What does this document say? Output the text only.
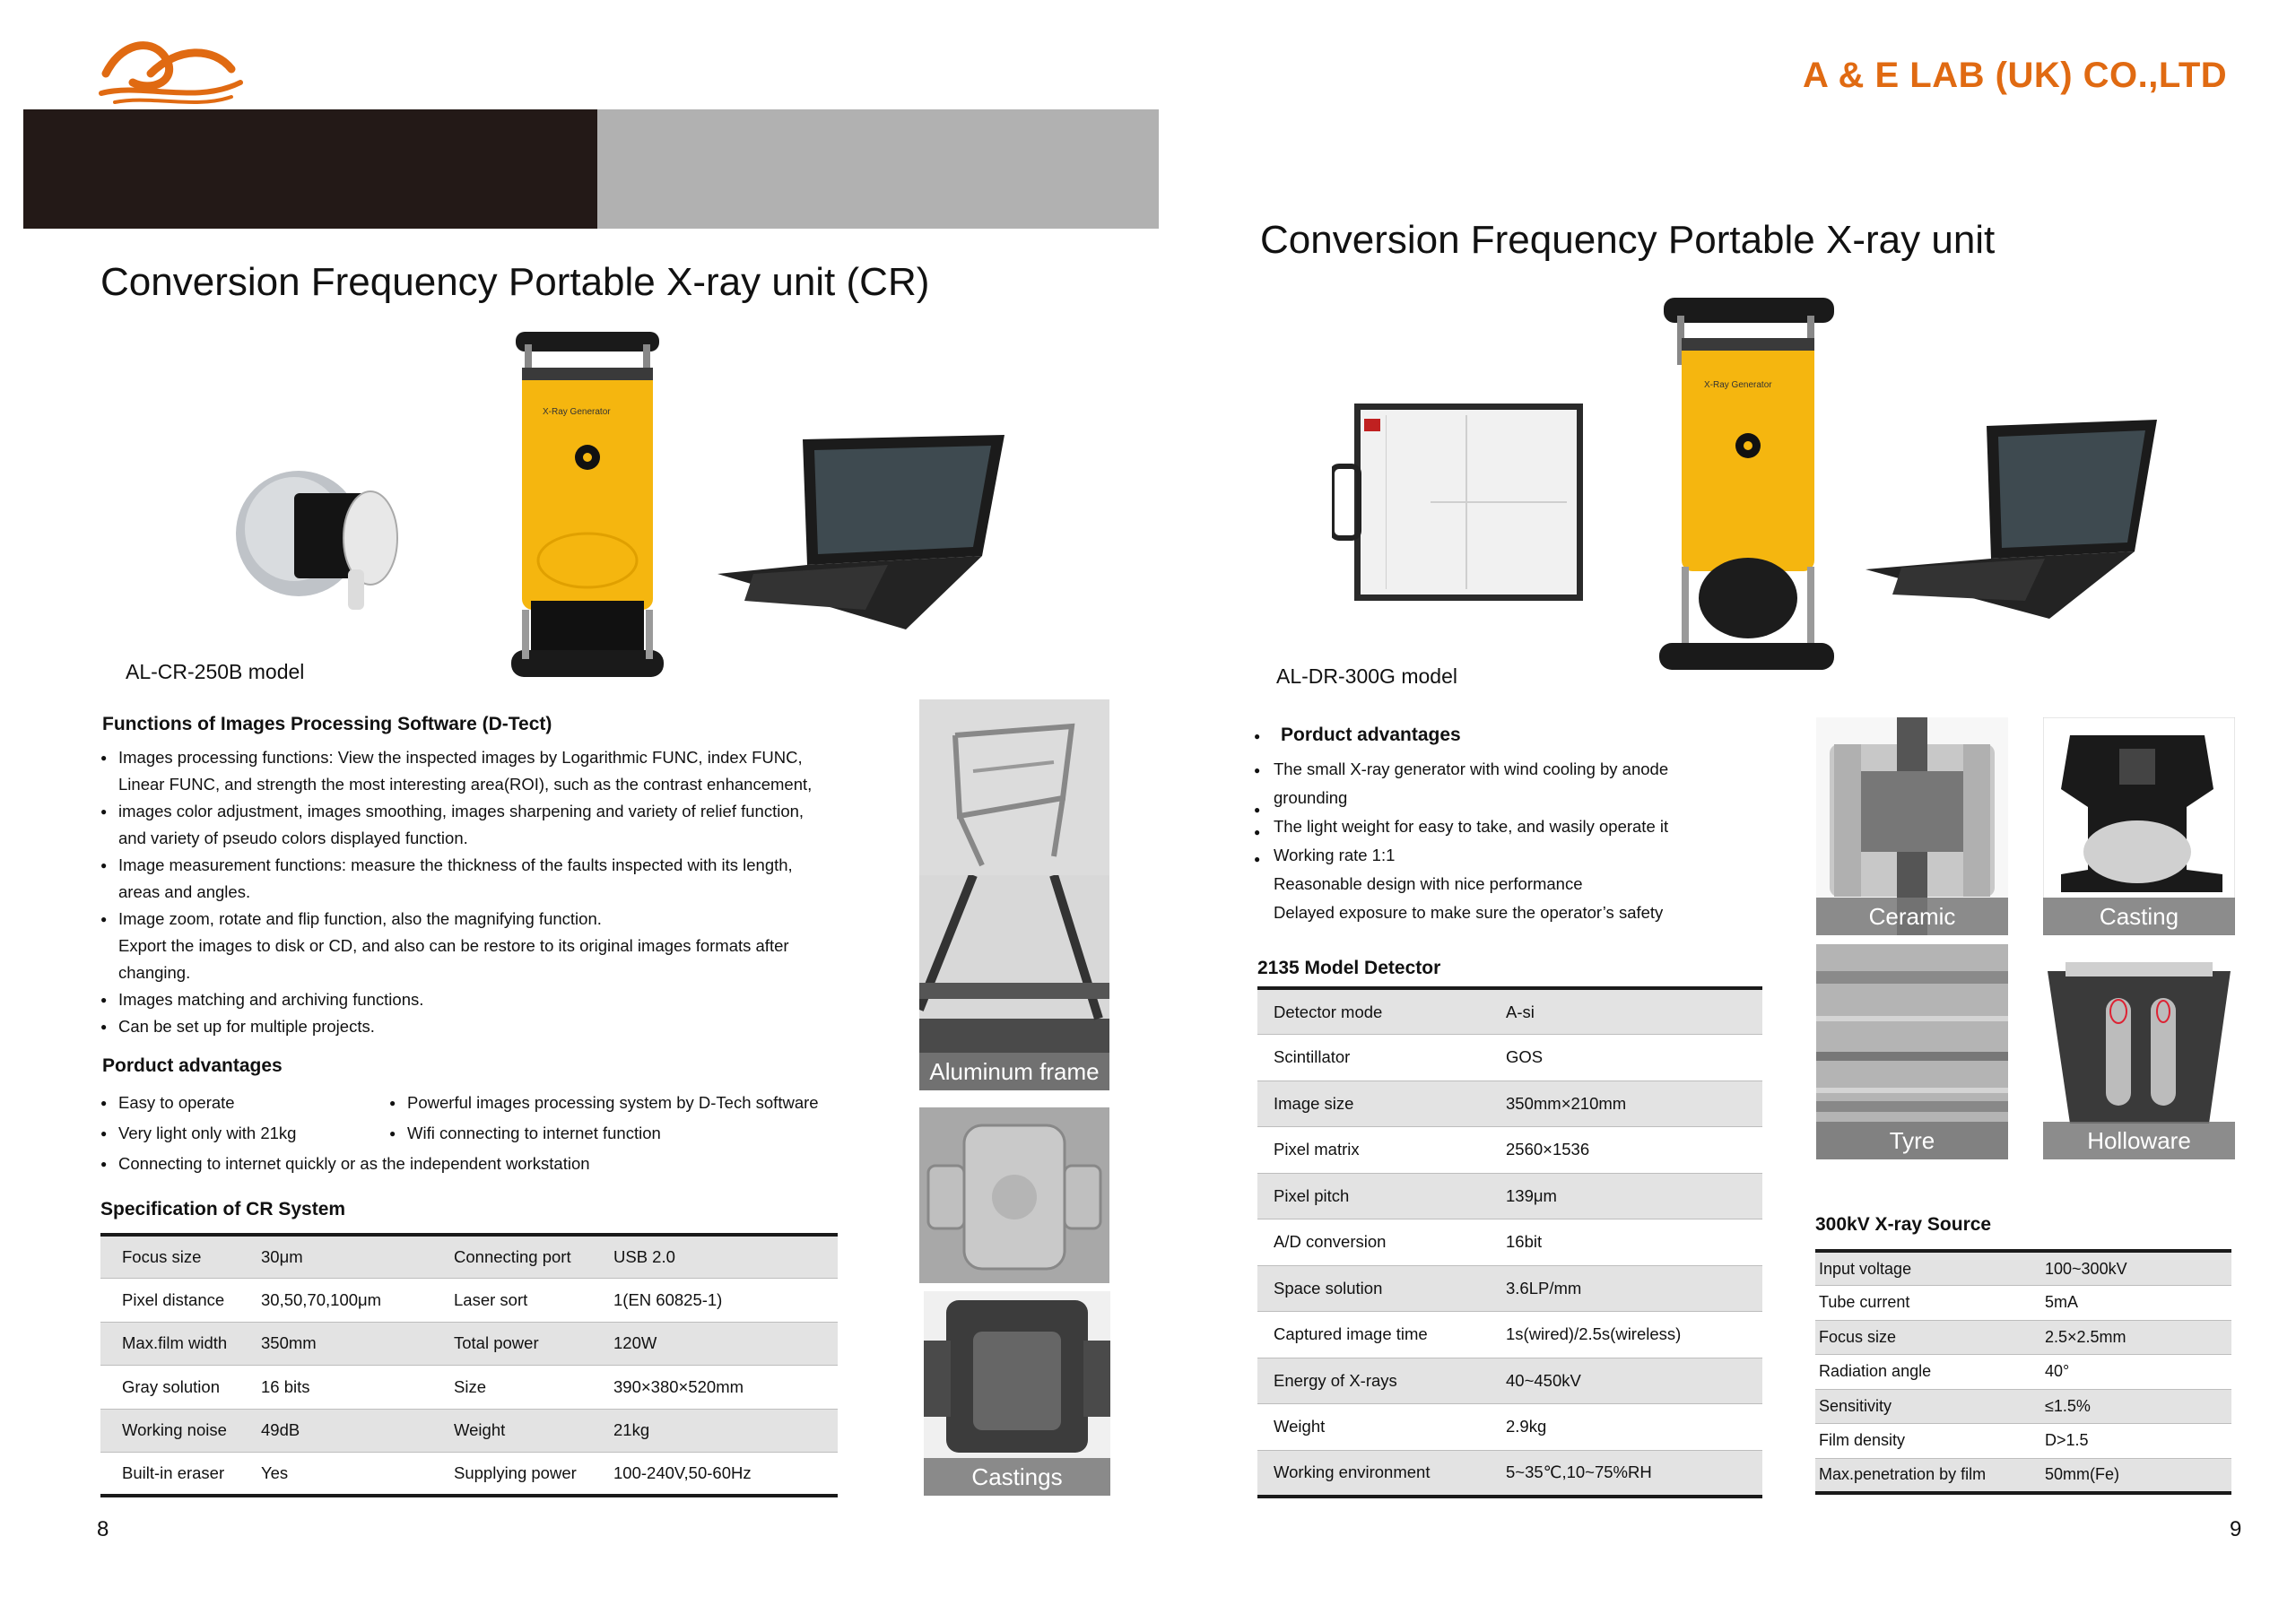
A & E LAB (UK) CO.,LTD
Conversion Frequency Portable X-ray unit (CR)
X-Ray Generator
AL-CR-250B model
Functions of Images Processing Software (D-Tect)
● Images processing functions: View the inspected images by Logarithmic FUNC, index FUNC,
Linear FUNC, and strength the most interesting area(ROI), such as the contrast enhancement,
● images color adjustment, images smoothing, images sharpening and variety of relief function,
and variety of pseudo colors displayed function.
● Image measurement functions: measure the thickness of the faults inspected with its length,
areas and angles.
● Image zoom, rotate and flip function, also the magnifying function.
Export the images to disk or CD, and also can be restore to its original images formats after
changing.
● Images matching and archiving functions.
● Can be set up for multiple projects.
Porduct advantages
● Easy to operate	● Powerful images processing system by D-Tech software
● Very light only with 21kg	● Wifi connecting to internet function
● Connecting to internet quickly or as the independent workstation
Specification of CR System
Focus size	30μm	Connecting port	USB 2.0
Pixel distance	30,50,70,100μm	Laser sort	1(EN 60825-1)
Max.film width	350mm	Total power	120W
Gray solution	16 bits	Size	390×380×520mm
Working noise	49dB	Weight	21kg
Built-in eraser	Yes	Supplying power	100-240V,50-60Hz
8
Aluminum frame
Castings
Conversion Frequency Portable X-ray unit
X-Ray Generator
AL-DR-300G model
Porduct advantages
●
●
●
●
●
The small X-ray generator with wind cooling by anode
grounding
The light weight for easy to take, and wasily operate it
Working rate 1:1
Reasonable design with nice performance
Delayed exposure to make sure the operator’s safety
2135 Model Detector
Detector mode	A-si
Scintillator	GOS
Image size	350mm×210mm
Pixel matrix	2560×1536
Pixel pitch	139μm
A/D conversion	16bit
Space solution	3.6LP/mm
Captured image time	1s(wired)/2.5s(wireless)
Energy of X-rays	40~450kV
Weight	2.9kg
Working environment	5~35℃,10~75%RH
Ceramic	Casting
Tyre	Holloware
300kV X-ray Source
Input voltage	100~300kV
Tube current	5mA
Focus size	2.5×2.5mm
Radiation angle	40°
Sensitivity	≤1.5%
Film density	D>1.5
Max.penetration by film	50mm(Fe)
9
